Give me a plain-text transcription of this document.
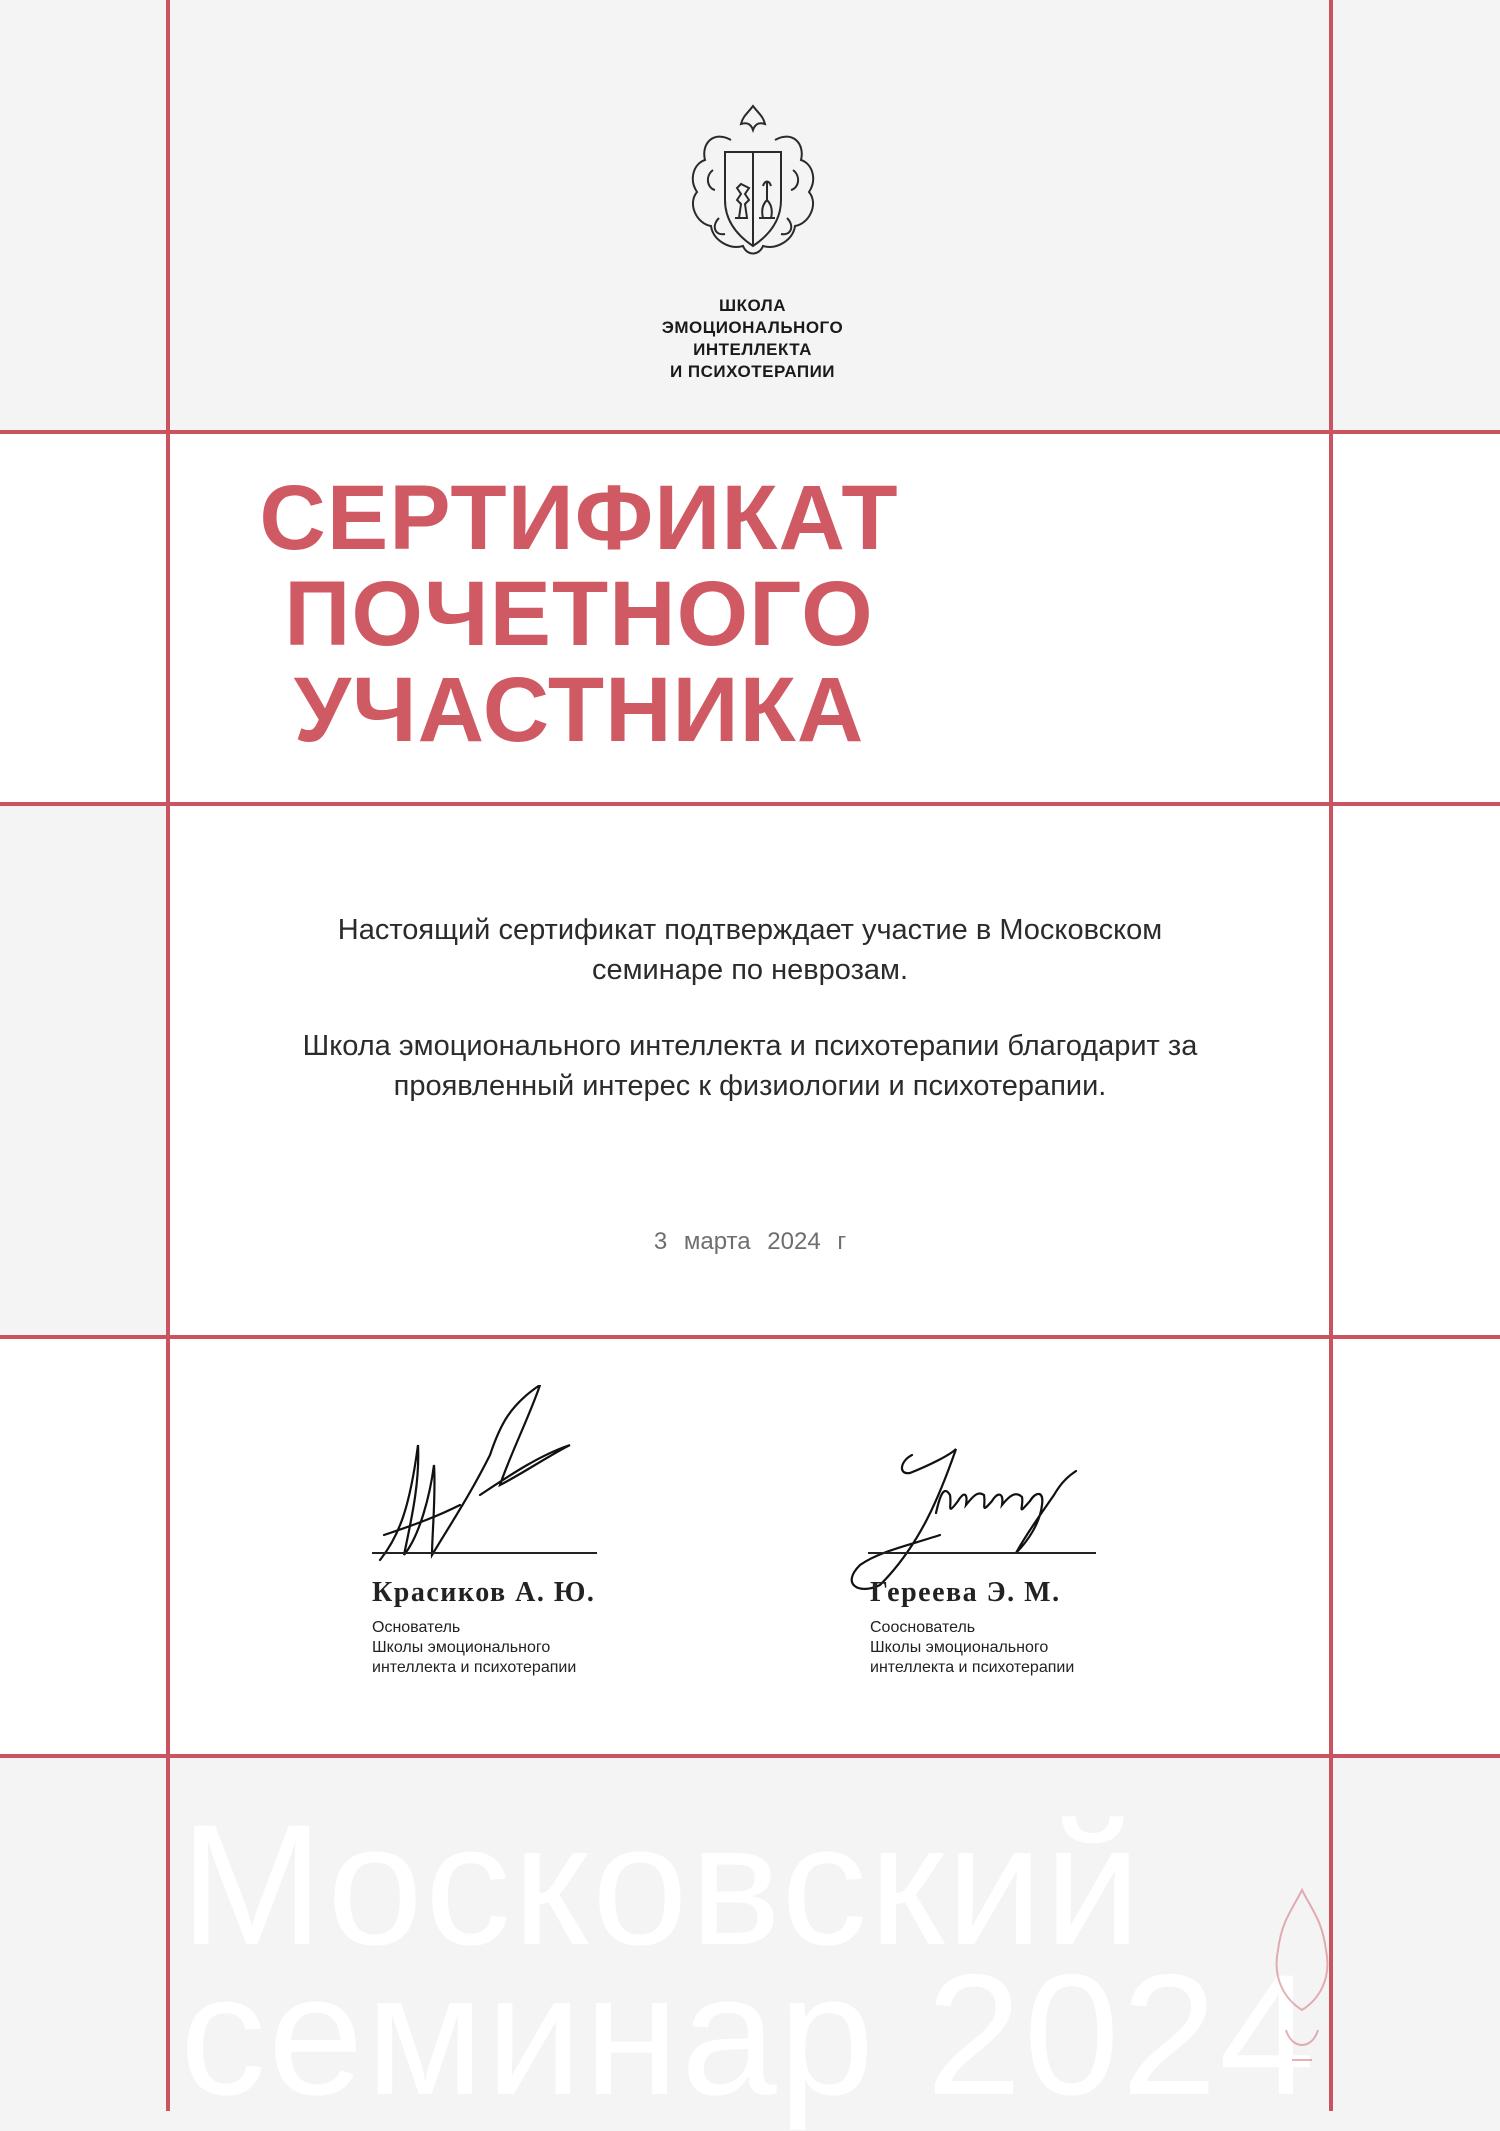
ШКОЛА
ЭМОЦИОНАЛЬНОГО
ИНТЕЛЛЕКТА
И ПСИХОТЕРАПИИ
СЕРТИФИКАТ
ПОЧЕТНОГО
УЧАСТНИКА
Настоящий сертификат подтверждает участие в Московском семинаре по неврозам.
Школа эмоционального интеллекта и психотерапии благодарит за проявленный интерес к физиологии и психотерапии.
3 марта 2024 г
Красиков А. Ю.
Основатель
Школы эмоционального
интеллекта и психотерапии
Гереева Э. М.
Сооснователь
Школы эмоционального
интеллекта и психотерапии
Московский
семинар 2024
